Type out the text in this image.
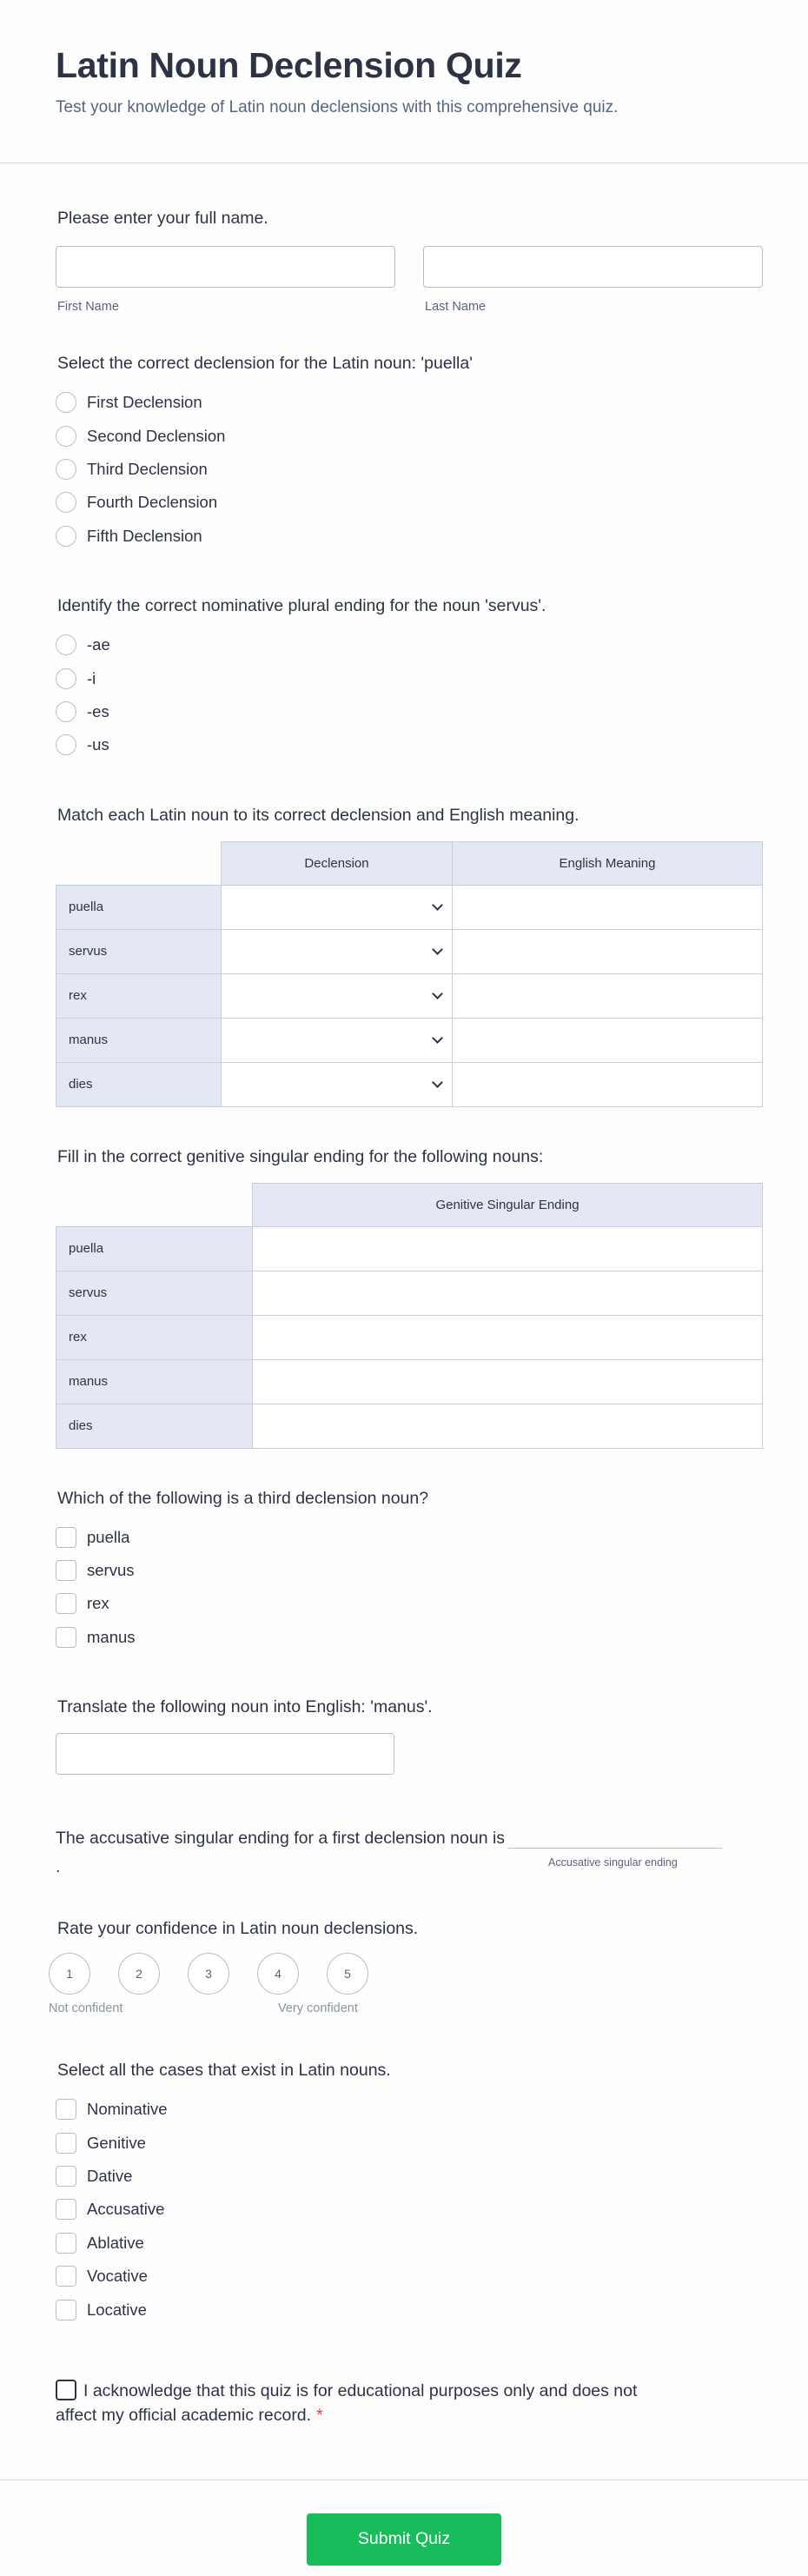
Latin Noun Declension Quiz
Test your knowledge of Latin noun declensions with this comprehensive quiz.
Please enter your full name.
First Name	Last Name
Select the correct declension for the Latin noun: 'puella'
First Declension
Second Declension
Third Declension
Fourth Declension
Fifth Declension
Identify the correct nominative plural ending for the noun 'servus'.
-ae
-i
-es
-us
Match each Latin noun to its correct declension and English meaning.
	Declension	English Meaning
puella	

servus	

rex	

manus	

dies	

Fill in the correct genitive singular ending for the following nouns:
	Genitive Singular Ending
puella	
servus	
rex	
manus	
dies	
Which of the following is a third declension noun?
puella
servus
rex
manus
Translate the following noun into English: 'manus'.
The accusative singular ending for a first declension noun is
Accusative singular ending
.
Rate your confidence in Latin noun declensions.
1	2	3	4	5
Not confident	Very confident
Select all the cases that exist in Latin nouns.
Nominative
Genitive
Dative
Accusative
Ablative
Vocative
Locative
I acknowledge that this quiz is for educational purposes only and does not affect my official academic record. *
Submit Quiz
